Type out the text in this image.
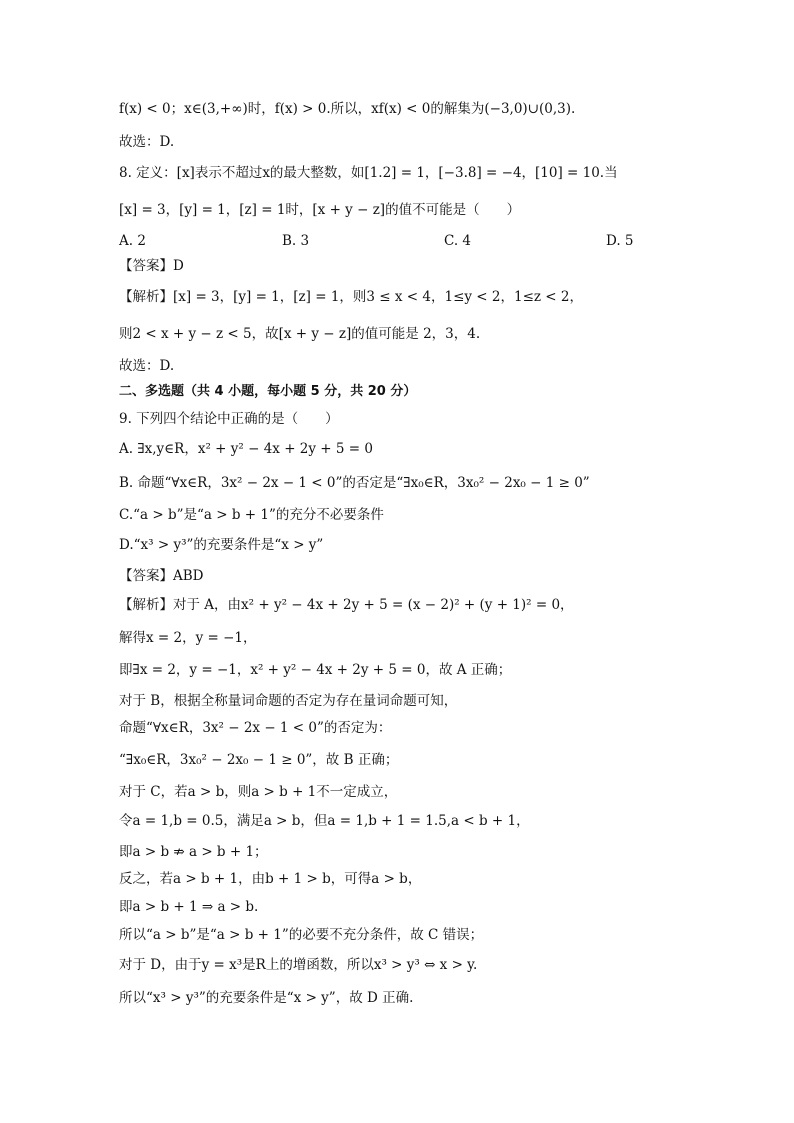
f(x) < 0；x∈(3,+∞)时，f(x) > 0.所以，xf(x) < 0的解集为(−3,0)∪(0,3).
故选：D.
8. 定义：[x]表示不超过x的最大整数，如[1.2] = 1，[−3.8] = −4，[10] = 10.当
[x] = 3，[y] = 1，[z] = 1时，[x + y − z]的值不可能是（　　）
A. 2	B. 3	C. 4	D. 5
【答案】D
【解析】[x] = 3，[y] = 1，[z] = 1，则3 ≤ x < 4，1≤y < 2，1≤z < 2，
则2 < x + y − z < 5，故[x + y − z]的值可能是 2，3，4.
故选：D.
二、多选题（共 4 小题，每小题 5 分，共 20 分）
9. 下列四个结论中正确的是（　　）
A. ∃x,y∈R，x² + y² − 4x + 2y + 5 = 0
B. 命题“∀x∈R，3x² − 2x − 1 < 0”的否定是“∃x₀∈R，3x₀² − 2x₀ − 1 ≥ 0”
C.“a > b”是“a > b + 1”的充分不必要条件
D.“x³ > y³”的充要条件是“x > y”
【答案】ABD
【解析】对于 A，由x² + y² − 4x + 2y + 5 = (x − 2)² + (y + 1)² = 0，
解得x = 2，y = −1，
即∃x = 2，y = −1，x² + y² − 4x + 2y + 5 = 0，故 A 正确；
对于 B，根据全称量词命题的否定为存在量词命题可知，
命题“∀x∈R，3x² − 2x − 1 < 0”的否定为：
“∃x₀∈R，3x₀² − 2x₀ − 1 ≥ 0”，故 B 正确；
对于 C，若a > b，则a > b + 1不一定成立，
令a = 1,b = 0.5，满足a > b，但a = 1,b + 1 = 1.5,a < b + 1，
即a > b ⇏ a > b + 1；
反之，若a > b + 1，由b + 1 > b，可得a > b，
即a > b + 1 ⇒ a > b.
所以“a > b”是“a > b + 1”的必要不充分条件，故 C 错误；
对于 D，由于y = x³是R上的增函数，所以x³ > y³ ⇔ x > y.
所以“x³ > y³”的充要条件是“x > y”，故 D 正确.
